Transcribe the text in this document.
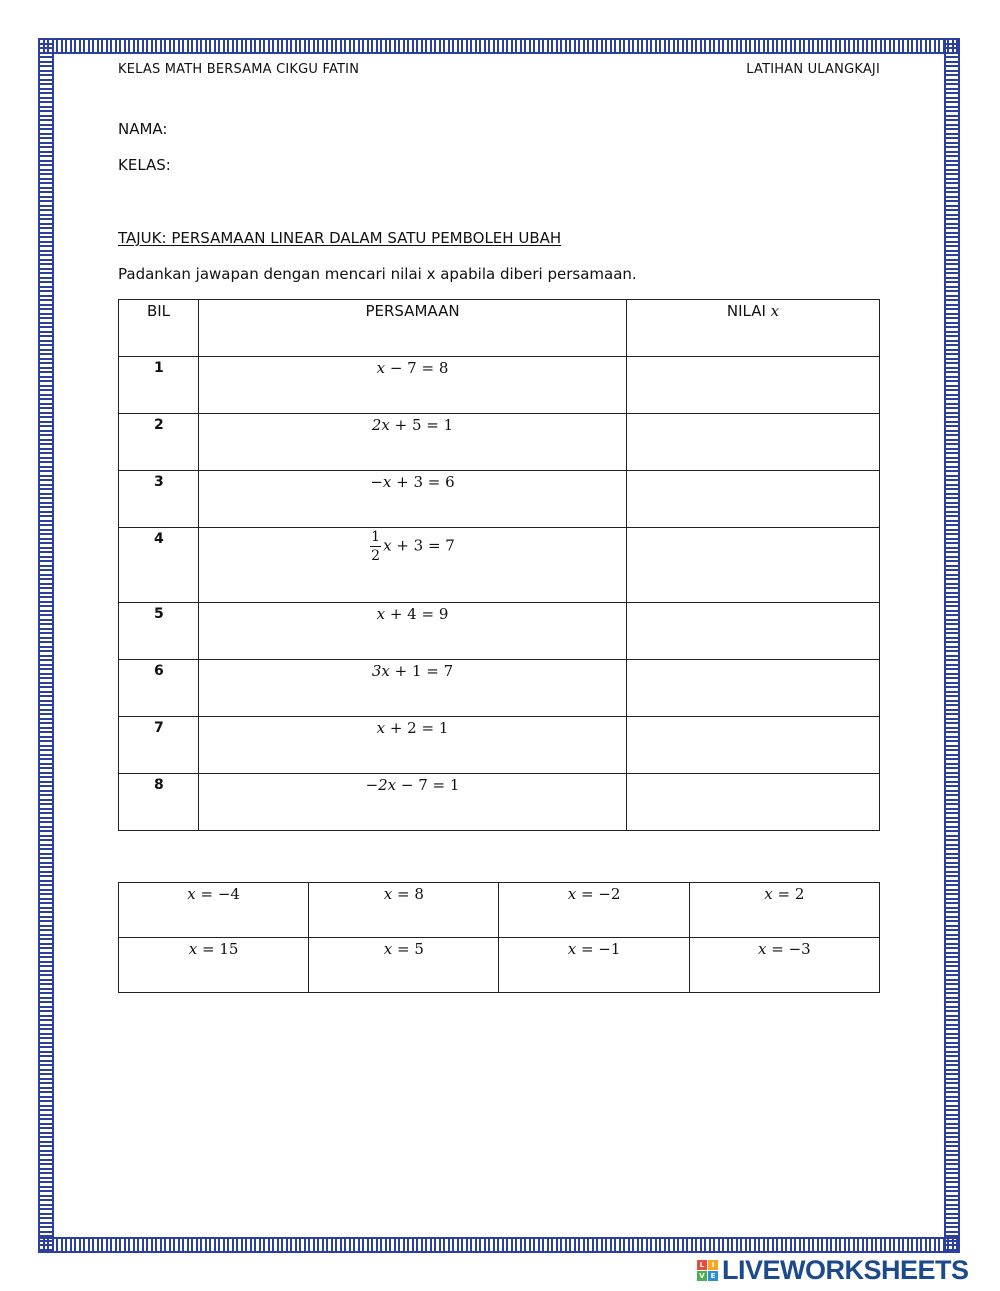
KELAS MATH BERSAMA CIKGU FATIN	LATIHAN ULANGKAJI
NAMA:
KELAS:
TAJUK: PERSAMAAN LINEAR DALAM SATU PEMBOLEH UBAH
Padankan jawapan dengan mencari nilai x apabila diberi persamaan.
BIL	PERSAMAAN	NILAI x

1	x − 7 = 8	

2	2x + 5 = 1	

3	−x + 3 = 6	

4	$\frac{1}{2}$ x + 3 = 7	

5	x + 4 = 9	

6	3x + 1 = 7	

7	x + 2 = 1	

8	−2x − 7 = 1	
x = −4	x = 8	x = −2	x = 2
x = 15	x = 5	x = −1	x = −3
L	I
V E LIVEWORKSHEETS
